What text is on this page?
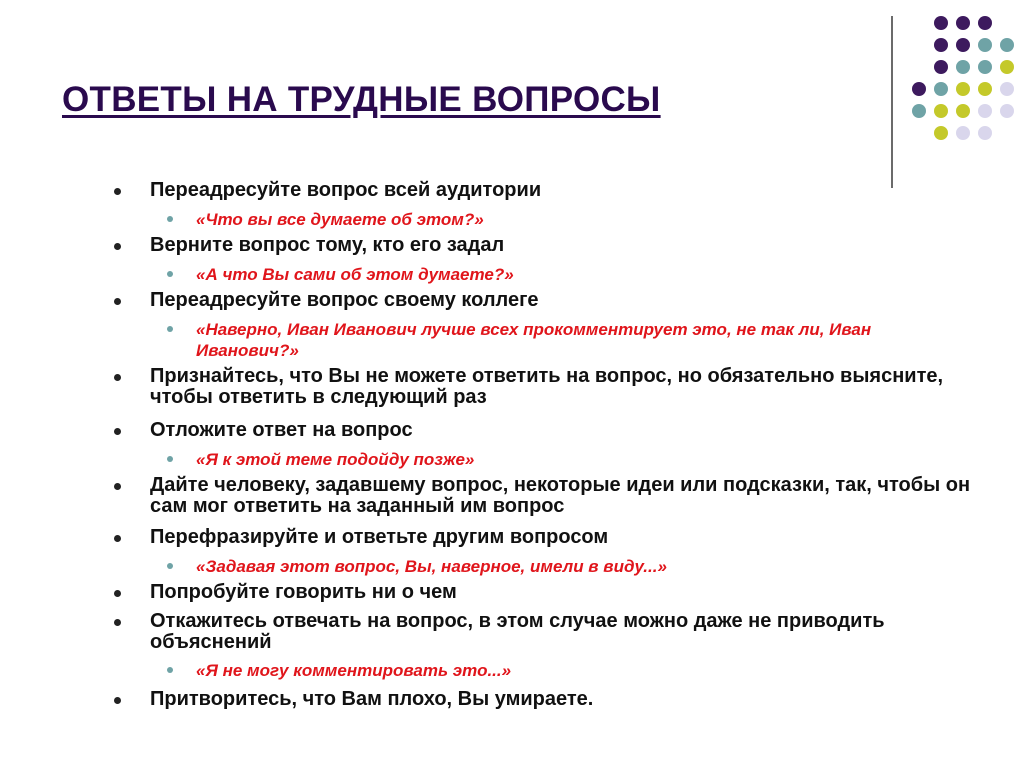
ОТВЕТЫ НА ТРУДНЫЕ ВОПРОСЫ
Переадресуйте вопрос всей аудитории
«Что вы все думаете об этом?»
Верните вопрос тому, кто его задал
«А что Вы сами об этом думаете?»
Переадресуйте вопрос своему коллеге
«Наверно, Иван Иванович лучше всех прокомментирует это, не так ли, Иван Иванович?»
Признайтесь, что Вы не можете ответить на вопрос, но обязательно выясните, чтобы ответить в следующий раз
Отложите ответ на вопрос
«Я к этой теме подойду позже»
Дайте человеку, задавшему вопрос, некоторые идеи или подсказки, так, чтобы он сам мог ответить на заданный им вопрос
Перефразируйте и ответьте другим вопросом
«Задавая этот вопрос, Вы, наверное, имели в виду...»
Попробуйте говорить ни о чем
Откажитесь отвечать на вопрос, в этом случае можно даже не приводить объяснений
«Я не могу комментировать это...»
Притворитесь, что Вам плохо, Вы умираете.
